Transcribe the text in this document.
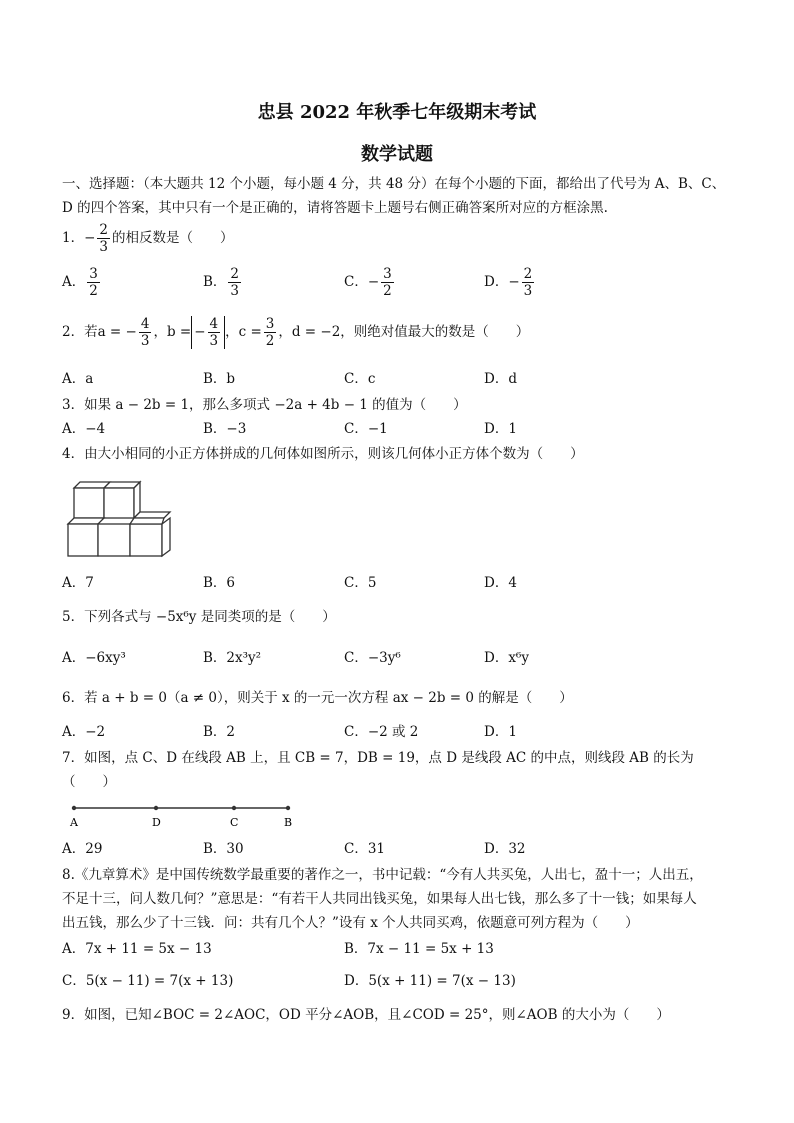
忠县 2022 年秋季七年级期末考试
数学试题
一、选择题：（本大题共 12 个小题，每小题 4 分，共 48 分）在每个小题的下面，都给出了代号为 A、B、C、
D 的四个答案，其中只有一个是正确的，请将答题卡上题号右侧正确答案所对应的方框涂黑.
1．− $\frac{2}{3}$ 的相反数是（　　）
A． $\frac{3}{2}$	B． $\frac{2}{3}$	C．− $\frac{3}{2}$	D．− $\frac{2}{3}$
2．若a = − $\frac{4}{3}$ ，b = − $\frac{4}{3}$ ，$c = \frac{3}{2}$ ，d = −2，则绝对值最大的数是（　　）
A．a	B．b	C．c	D．d
3．如果 a − 2b = 1，那么多项式 −2a + 4b − 1 的值为（　　）
A．−4	B．−3	C．−1	D．1
4．由大小相同的小正方体拼成的几何体如图所示，则该几何体小正方体个数为（　　）
A．7	B．6	C．5	D．4
5．下列各式与 −5x⁶y 是同类项的是（　　）
A．−6xy³	B．2x³y²	C．−3y⁶	D．x⁶y
6．若 a + b = 0（a ≠ 0），则关于 x 的一元一次方程 ax − 2b = 0 的解是（　　）
A．−2	B．2	C．−2 或 2	D．1
7．如图，点 C、D 在线段 AB 上，且 CB = 7，DB = 19，点 D 是线段 AC 的中点，则线段 AB 的长为
（　　）
A	D	C	B
A．29	B．30	C．31	D．32
8.《九章算术》是中国传统数学最重要的著作之一，书中记载：“今有人共买兔，人出七，盈十一；人出五，
不足十三，问人数几何？”意思是：“有若干人共同出钱买兔，如果每人出七钱，那么多了十一钱；如果每人
出五钱，那么少了十三钱．问：共有几个人？”设有 x 个人共同买鸡，依题意可列方程为（　　）
A．7x + 11 = 5x − 13	B．7x − 11 = 5x + 13
C．5(x − 11) = 7(x + 13)	D．5(x + 11) = 7(x − 13)
9．如图，已知∠BOC = 2∠AOC，OD 平分∠AOB，且∠COD = 25°，则∠AOB 的大小为（　　）
